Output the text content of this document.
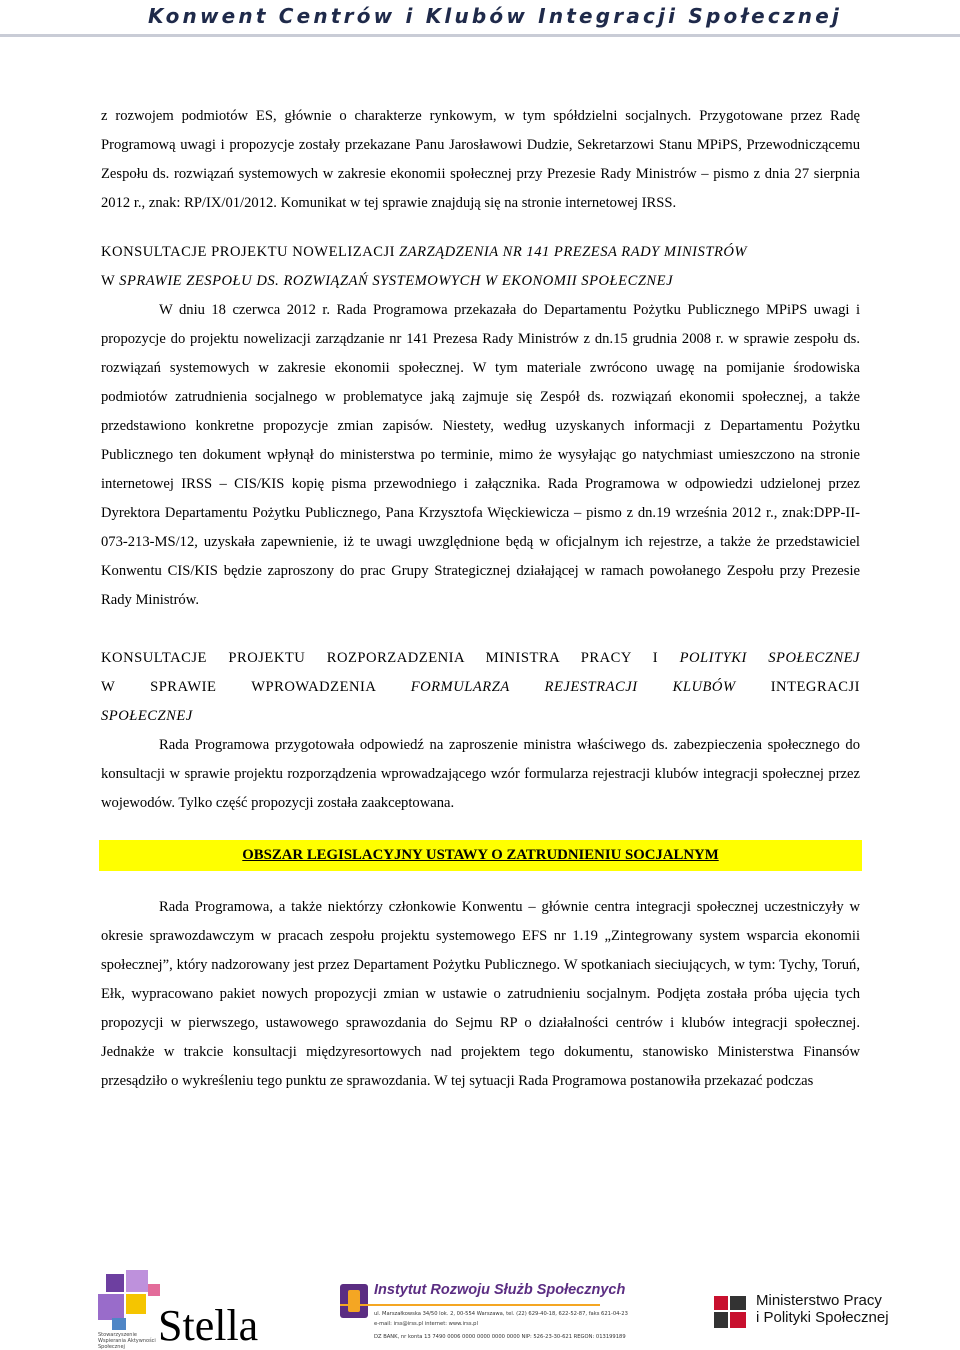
Konwent Centrów i Klubów Integracji Społecznej

z rozwojem podmiotów ES, głównie o charakterze rynkowym, w tym spółdzielni socjalnych. Przygotowane przez Radę Programową uwagi i propozycje zostały przekazane Panu Jarosławowi Dudzie, Sekretarzowi Stanu MPiPS, Przewodniczącemu Zespołu ds. rozwiązań systemowych w zakresie ekonomii społecznej przy Prezesie Rady Ministrów – pismo z dnia 27 sierpnia 2012 r., znak: RP/IX/01/2012. Komunikat w tej sprawie znajdują się na stronie internetowej IRSS.

KONSULTACJE PROJEKTU NOWELIZACJI ZARZĄDZENIA NR 141 PREZESA RADY MINISTRÓW
W SPRAWIE ZESPOŁU DS. ROZWIĄZAŃ SYSTEMOWYCH W EKONOMII SPOŁECZNEJ

W dniu 18 czerwca 2012 r. Rada Programowa przekazała do Departamentu Pożytku Publicznego MPiPS uwagi i propozycje do projektu nowelizacji zarządzanie nr 141 Prezesa Rady Ministrów z dn.15 grudnia 2008 r. w sprawie zespołu ds. rozwiązań systemowych w zakresie ekonomii społecznej. W tym materiale zwrócono uwagę na pomijanie środowiska podmiotów zatrudnienia socjalnego w problematyce jaką zajmuje się Zespół ds. rozwiązań ekonomii społecznej, a także przedstawiono konkretne propozycje zmian zapisów. Niestety, według uzyskanych informacji z Departamentu Pożytku Publicznego ten dokument wpłynął do ministerstwa po terminie, mimo że wysyłając go natychmiast umieszczono na stronie internetowej IRSS – CIS/KIS kopię pisma przewodniego i załącznika. Rada Programowa w odpowiedzi udzielonej przez Dyrektora Departamentu Pożytku Publicznego, Pana Krzysztofa Więckiewicza – pismo z dn.19 września 2012 r., znak:DPP-II-073-213-MS/12, uzyskała zapewnienie, iż te uwagi uwzględnione będą w oficjalnym ich rejestrze, a także że przedstawiciel Konwentu CIS/KIS będzie zaproszony do prac Grupy Strategicznej działającej w ramach powołanego Zespołu przy Prezesie Rady Ministrów.

KONSULTACJE PROJEKTU ROZPORZADZENIA MINISTRA PRACY I POLITYKI SPOŁECZNEJ

W SPRAWIE WPROWADZENIA FORMULARZA REJESTRACJI KLUBÓW INTEGRACJI

SPOŁECZNEJ

Rada Programowa przygotowała odpowiedź na zaproszenie ministra właściwego ds. zabezpieczenia społecznego do konsultacji w sprawie projektu rozporządzenia wprowadzającego wzór formularza rejestracji klubów integracji społecznej przez wojewodów. Tylko część propozycji została zaakceptowana.

OBSZAR LEGISLACYJNY USTAWY O ZATRUDNIENIU SOCJALNYM

Rada Programowa, a także niektórzy członkowie Konwentu – głównie centra integracji społecznej uczestniczyły w okresie sprawozdawczym w pracach zespołu projektu systemowego EFS nr 1.19 „Zintegrowany system wsparcia ekonomii społecznej”, który nadzorowany jest przez Departament Pożytku Publicznego. W spotkaniach sieciujących, w tym: Tychy, Toruń, Ełk, wypracowano pakiet nowych propozycji zmian w ustawie o zatrudnieniu socjalnym. Podjęta została próba ujęcia tych propozycji w pierwszego, ustawowego sprawozdania do Sejmu RP o działalności centrów i klubów integracji społecznej. Jednakże w trakcie konsultacji międzyresortowych nad projektem tego dokumentu, stanowisko Ministerstwa Finansów przesądziło o wykreśleniu tego punktu ze sprawozdania. W tej sytuacji Rada Programowa postanowiła przekazać podczas

Stowarzyszenie Wspierania Aktywności Społecznej Stella
Instytut Rozwoju Służb Społecznych
ul. Marszałkowska 34/50 lok. 2, 00-554 Warszawa, tel. (22) 629-40-18, 622-52-87, faks 621-04-23
e-mail: irss@irss.pl internet: www.irss.pl
DZ BANK, nr konta 13 7490 0006 0000 0000 0000 0000 NIP: 526-23-30-621 REGON: 013199189
Ministerstwo Pracy
i Polityki Społecznej
